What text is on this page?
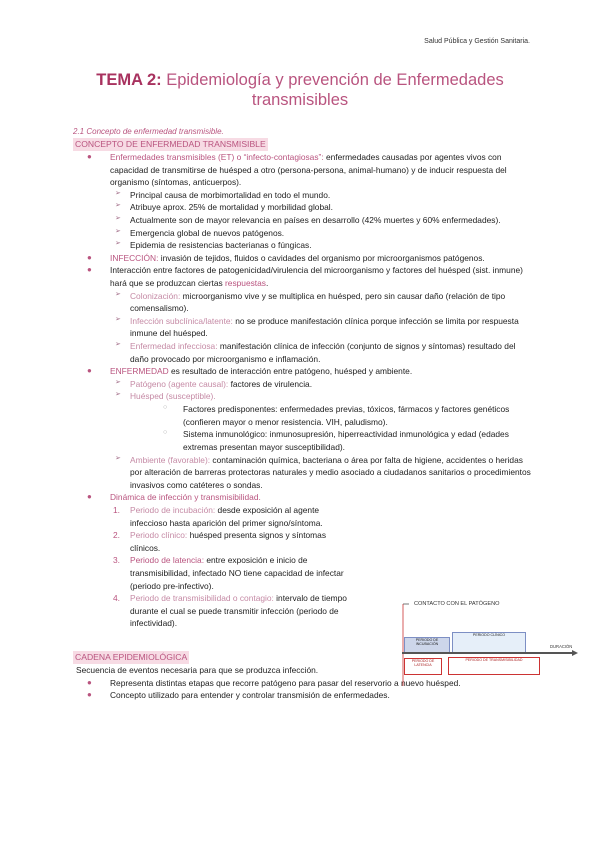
Salud Pública y Gestión Sanitaria.
TEMA 2: Epidemiología y prevención de Enfermedades transmisibles
2.1 Concepto de enfermedad transmisible.
CONCEPTO DE ENFERMEDAD TRANSMISIBLE
● Enfermedades transmisibles (ET) o “infecto-contagiosas”: enfermedades causadas por agentes vivos con capacidad de transmitirse de huésped a otro (persona-persona, animal-humano) y de inducir respuesta del organismo (síntomas, anticuerpos).
➢ Principal causa de morbimortalidad en todo el mundo.
➢ Atribuye aprox. 25% de mortalidad y morbilidad global.
➢ Actualmente son de mayor relevancia en países en desarrollo (42% muertes y 60% enfermedades).
➢ Emergencia global de nuevos patógenos.
➢ Epidemia de resistencias bacterianas o fúngicas.
● INFECCIÓN: invasión de tejidos, fluidos o cavidades del organismo por microorganismos patógenos.
● Interacción entre factores de patogenicidad/virulencia del microorganismo y factores del huésped (sist. inmune) hará que se produzcan ciertas respuestas.
➢ Colonización: microorganismo vive y se multiplica en huésped, pero sin causar daño (relación de tipo comensalismo).
➢ Infección subclínica/latente: no se produce manifestación clínica porque infección se limita por respuesta inmune del huésped.
➢ Enfermedad infecciosa: manifestación clínica de infección (conjunto de signos y síntomas) resultado del daño provocado por microorganismo e inflamación.
● ENFERMEDAD es resultado de interacción entre patógeno, huésped y ambiente.
➢ Patógeno (agente causal): factores de virulencia.
➢ Huésped (susceptible).
○ Factores predisponentes: enfermedades previas, tóxicos, fármacos y factores genéticos (confieren mayor o menor resistencia. VIH, paludismo).
○ Sistema inmunológico: inmunosupresión, hiperreactividad inmunológica y edad (edades extremas presentan mayor susceptibilidad).
➢ Ambiente (favorable): contaminación química, bacteriana o área por falta de higiene, accidentes o heridas por alteración de barreras protectoras naturales y medio asociado a ciudadanos sanitarios o procedimientos invasivos como catéteres o sondas.
● Dinámica de infección y transmisibilidad.
1. Periodo de incubación: desde exposición al agente infeccioso hasta aparición del primer signo/síntoma.
2. Periodo clínico: huésped presenta signos y síntomas clínicos.
3. Periodo de latencia: entre exposición e inicio de transmisibilidad, infectado NO tiene capacidad de infectar (periodo pre-infectivo).
4. Periodo de transmisibilidad o contagio: intervalo de tiempo durante el cual se puede transmitir infección (periodo de infectividad).
CADENA EPIDEMIOLÓGICA
Secuencia de eventos necesaria para que se produzca infección.
● Representa distintas etapas que recorre patógeno para pasar del reservorio a nuevo huésped.
● Concepto utilizado para entender y controlar transmisión de enfermedades.
CONTACTO CON EL PATÓGENO
PERIODO DE INCUBACIÓN
PERIODO CLÍNICO
DURACIÓN
PERIODO DE LATENCIA
PERIODO DE TRANSMISIBILIDAD
